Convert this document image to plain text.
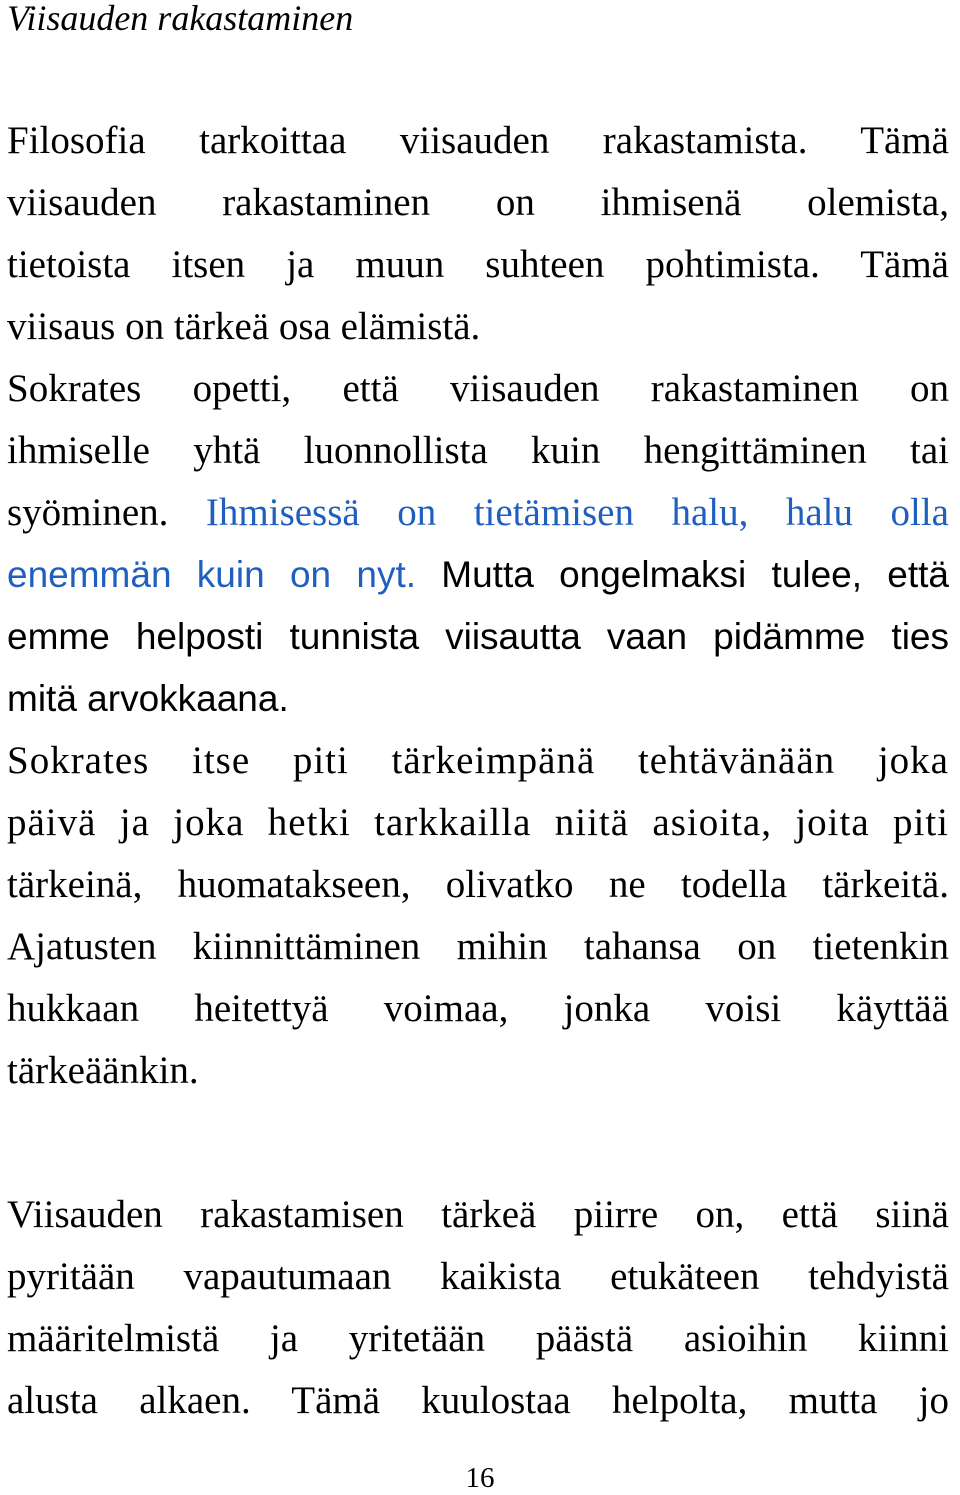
Viisauden rakastaminen
Filosofia tarkoittaa viisauden rakastamista. Tämä
viisauden rakastaminen on ihmisenä olemista,
tietoista itsen ja muun suhteen pohtimista. Tämä
viisaus on tärkeä osa elämistä.
Sokrates opetti, että viisauden rakastaminen on
ihmiselle yhtä luonnollista kuin hengittäminen tai
syöminen. Ihmisessä on tietämisen halu, halu olla
enemmän kuin on nyt. Mutta ongelmaksi tulee, että
emme helposti tunnista viisautta vaan pidämme ties
mitä arvokkaana.
Sokrates itse piti tärkeimpänä tehtävänään joka
päivä ja joka hetki tarkkailla niitä asioita, joita piti
tärkeinä, huomatakseen, olivatko ne todella tärkeitä.
Ajatusten kiinnittäminen mihin tahansa on tietenkin
hukkaan heitettyä voimaa, jonka voisi käyttää
tärkeäänkin.
Viisauden rakastamisen tärkeä piirre on, että siinä
pyritään vapautumaan kaikista etukäteen tehdyistä
määritelmistä ja yritetään päästä asioihin kiinni
alusta alkaen. Tämä kuulostaa helpolta, mutta jo
16
